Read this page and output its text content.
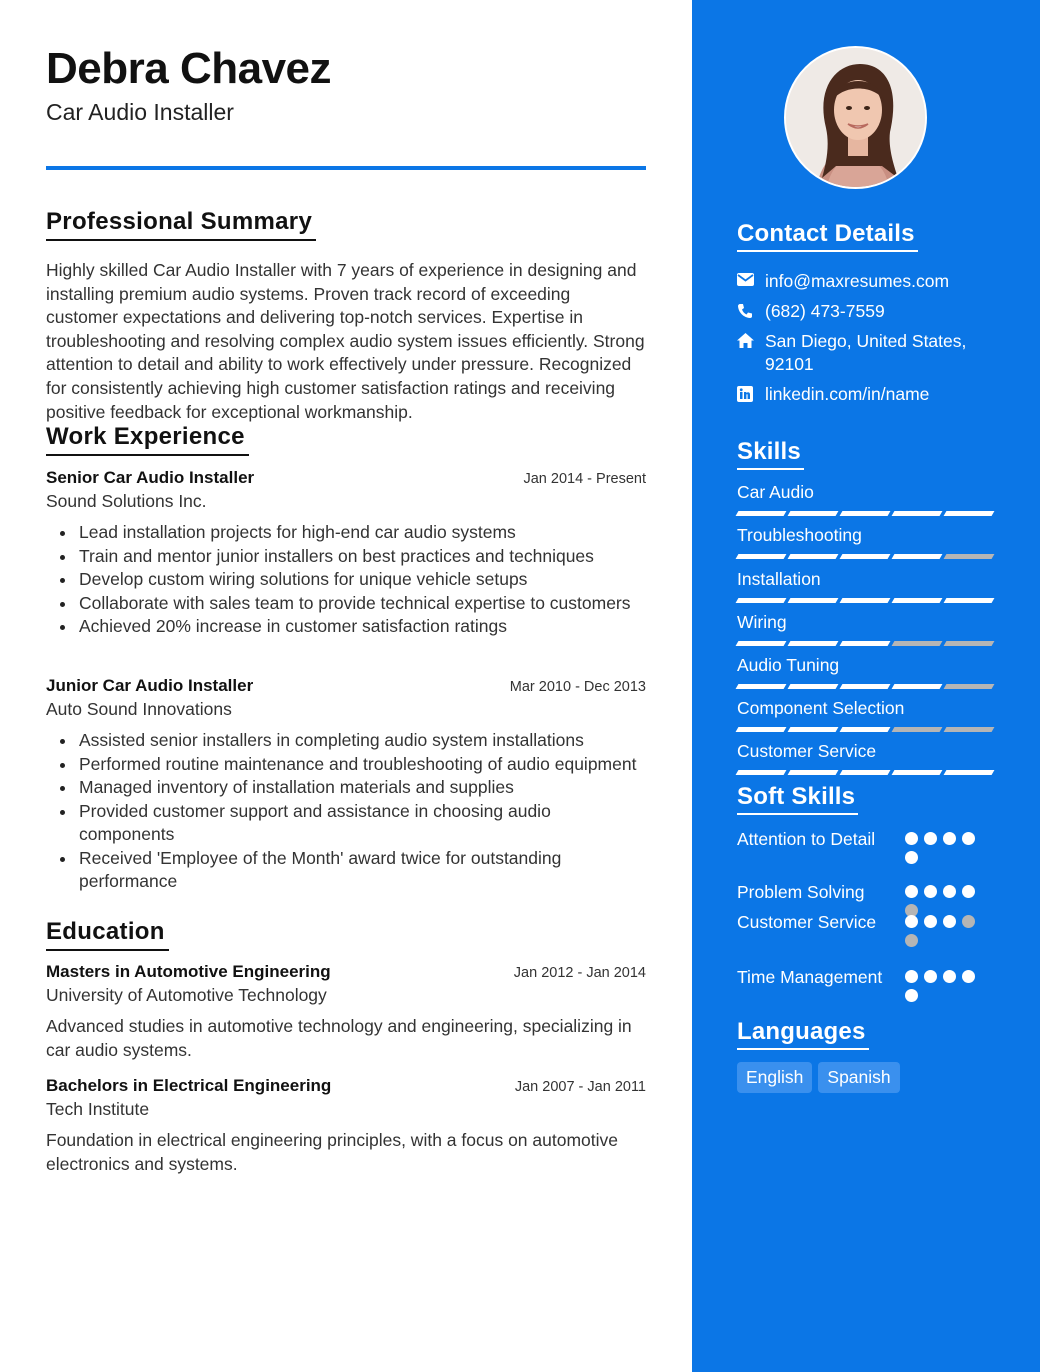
Debra Chavez
Car Audio Installer
Professional Summary

Highly skilled Car Audio Installer with 7 years of experience in designing and installing premium audio systems. Proven track record of exceeding customer expectations and delivering top-notch services. Expertise in troubleshooting and resolving complex audio system issues efficiently. Strong attention to detail and ability to work effectively under pressure. Recognized for consistently achieving high customer satisfaction ratings and receiving positive feedback for exceptional workmanship.

Work Experience
Senior Car Audio Installer	Jan 2014 - Present
Sound Solutions Inc.
Lead installation projects for high-end car audio systems
Train and mentor junior installers on best practices and techniques
Develop custom wiring solutions for unique vehicle setups
Collaborate with sales team to provide technical expertise to customers
Achieved 20% increase in customer satisfaction ratings
Junior Car Audio Installer	Mar 2010 - Dec 2013
Auto Sound Innovations
Assisted senior installers in completing audio system installations
Performed routine maintenance and troubleshooting of audio equipment
Managed inventory of installation materials and supplies
Provided customer support and assistance in choosing audio components
Received 'Employee of the Month' award twice for outstanding performance
Education
Masters in Automotive Engineering	Jan 2012 - Jan 2014
University of Automotive Technology

Advanced studies in automotive technology and engineering, specializing in car audio systems.

Bachelors in Electrical Engineering	Jan 2007 - Jan 2011
Tech Institute

Foundation in electrical engineering principles, with a focus on automotive electronics and systems.

Contact Details
info@maxresumes.com
(682) 473-7559
San Diego, United States, 92101
linkedin.com/in/name
Skills
Car Audio
Troubleshooting
Installation
Wiring
Audio Tuning
Component Selection
Customer Service
Soft Skills
Attention to Detail
Problem Solving
Customer Service
Time Management
Languages
English	Spanish
